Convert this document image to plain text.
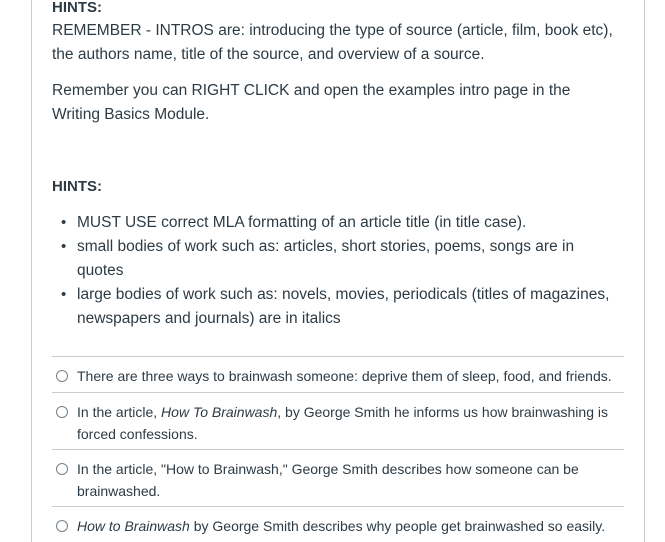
HINTS:
REMEMBER - INTROS are: introducing the type of source (article, film, book etc),
the authors name, title of the source, and overview of a source.
Remember you can RIGHT CLICK and open the examples intro page in the
Writing Basics Module.
HINTS:
• MUST USE correct MLA formatting of an article title (in title case).
• small bodies of work such as: articles, short stories, poems, songs are in
quotes
• large bodies of work such as: novels, movies, periodicals (titles of magazines,
newspapers and journals) are in italics
There are three ways to brainwash someone: deprive them of sleep, food, and friends.
In the article, How To Brainwash, by George Smith he informs us how brainwashing is
forced confessions.
In the article, "How to Brainwash," George Smith describes how someone can be
brainwashed.
How to Brainwash by George Smith describes why people get brainwashed so easily.
